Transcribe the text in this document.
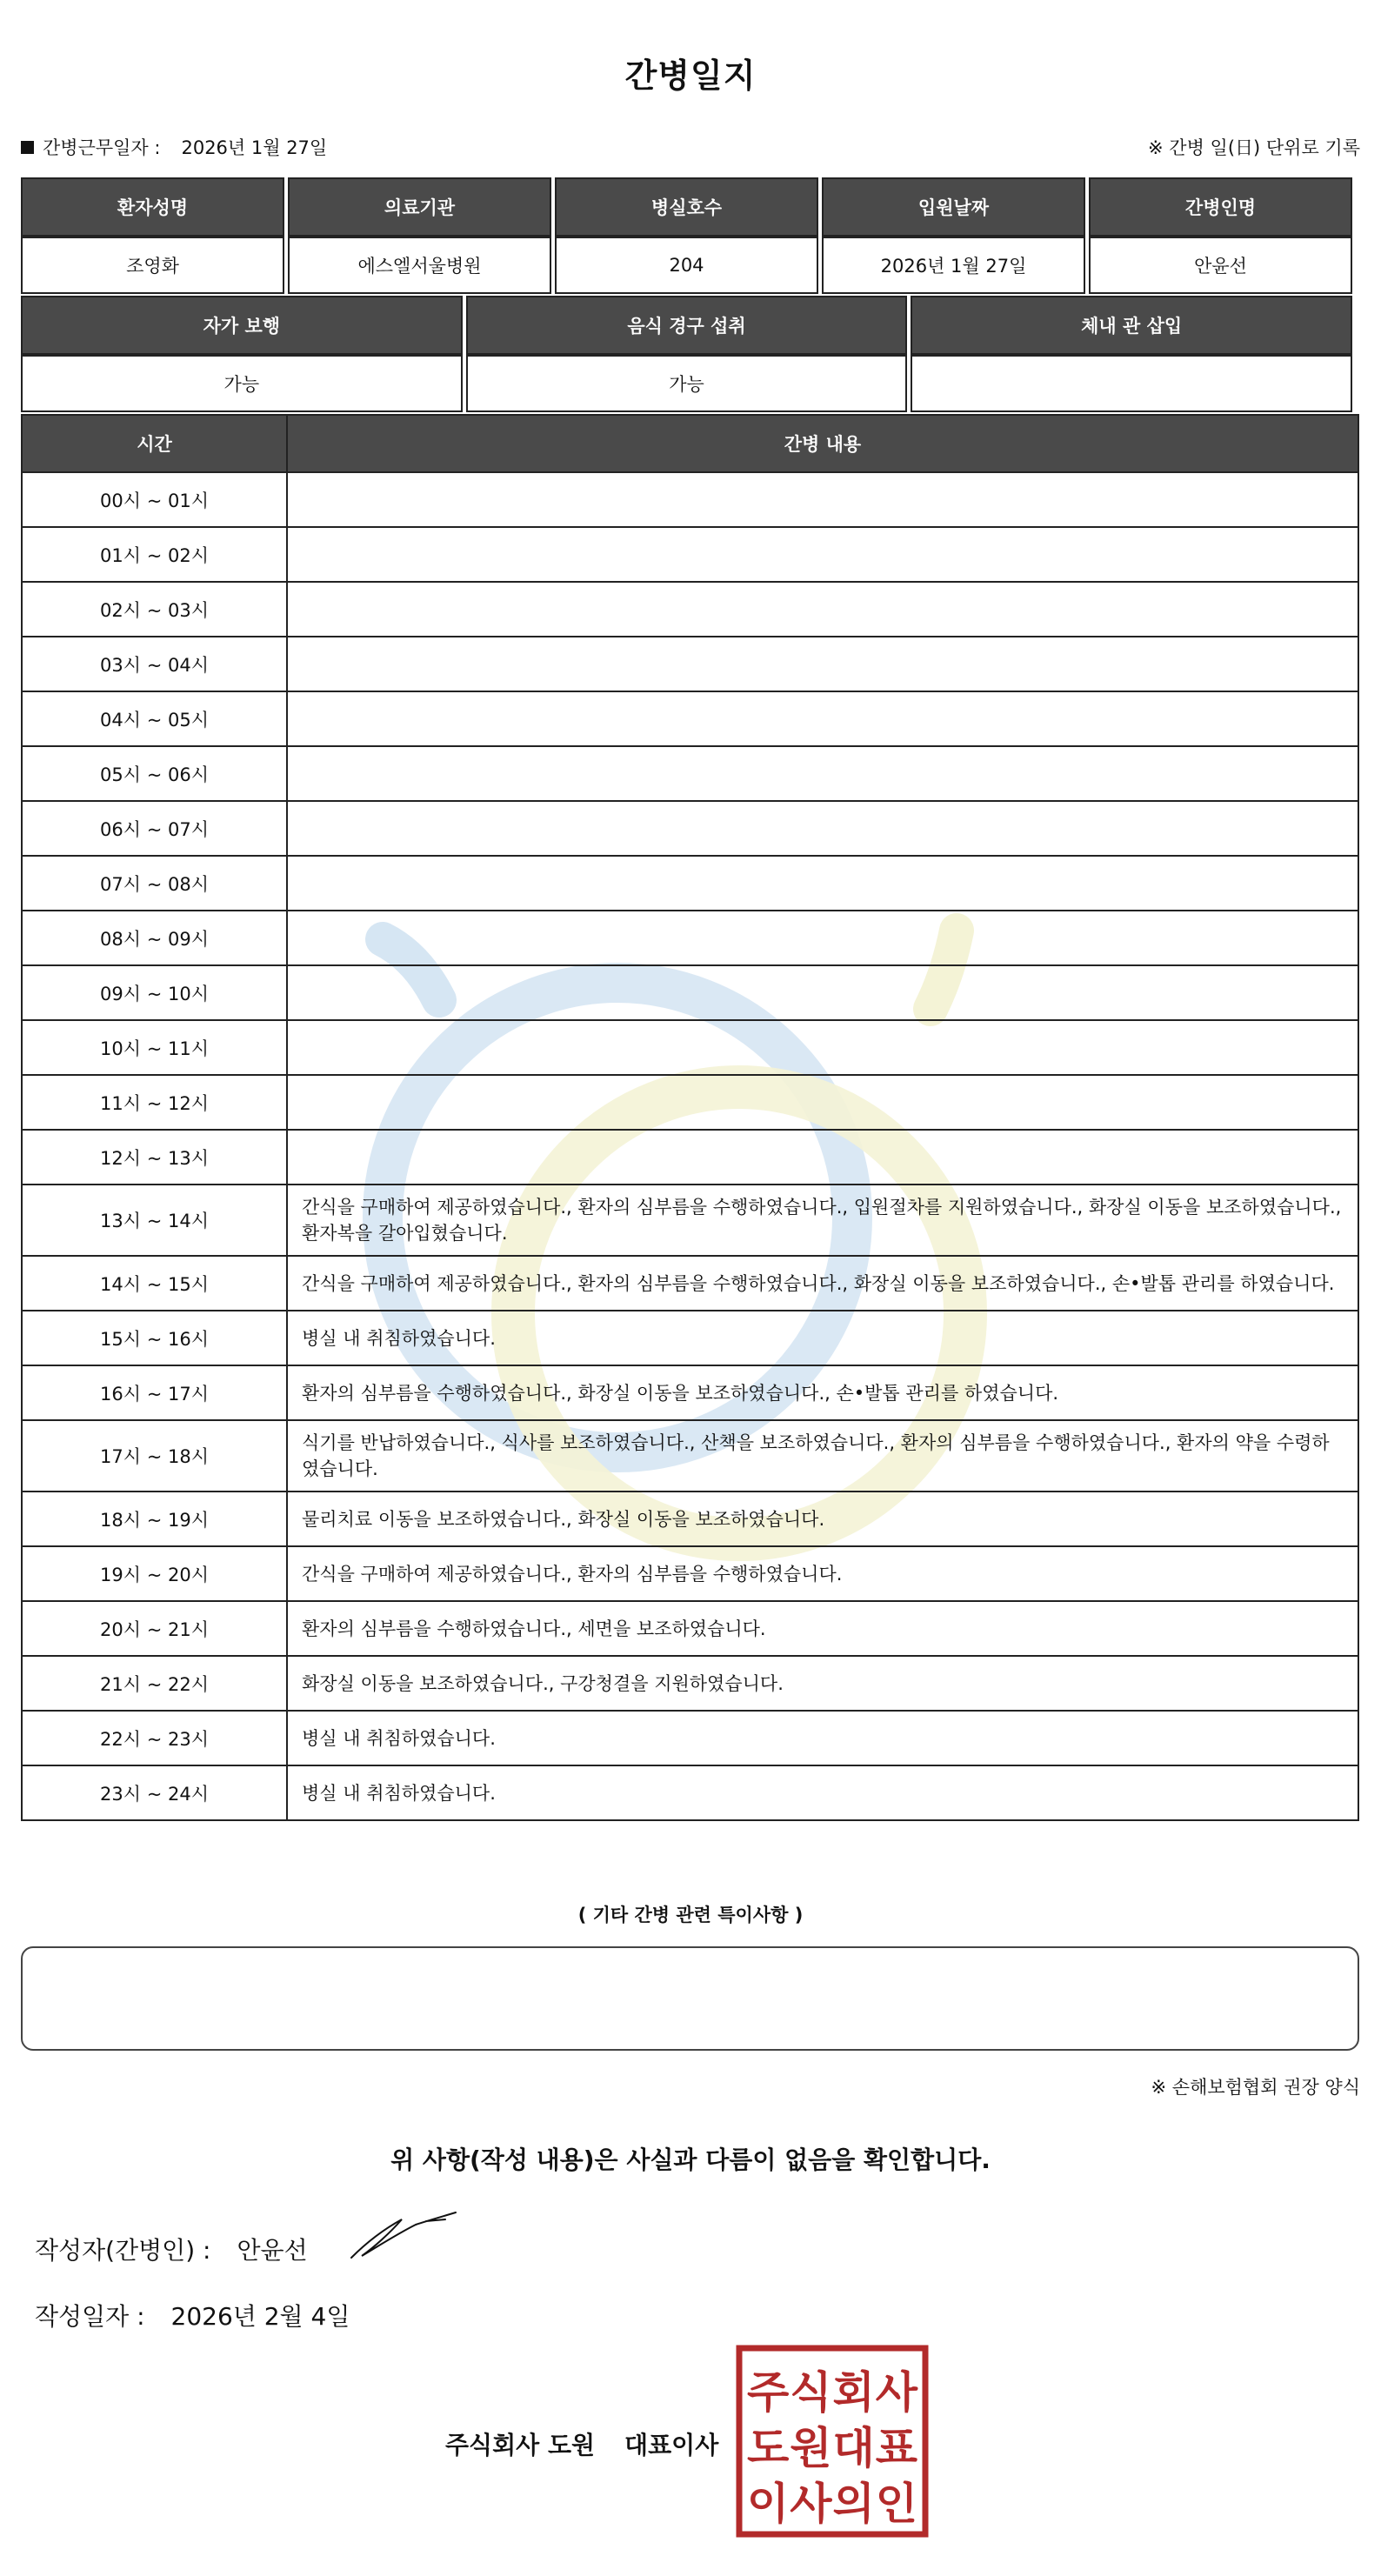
간병일지
간병근무일자 : 2026년 1월 27일	※ 간병 일(日) 단위로 기록
환자성명	의료기관	병실호수	입원날짜	간병인명
조영화	에스엘서울병원	204	2026년 1월 27일	안윤선
자가 보행	음식 경구 섭취	체내 관 삽입
가능	가능	
시간	간병 내용
00시 ~ 01시	
01시 ~ 02시	
02시 ~ 03시	
03시 ~ 04시	
04시 ~ 05시	
05시 ~ 06시	
06시 ~ 07시	
07시 ~ 08시	
08시 ~ 09시	
09시 ~ 10시	
10시 ~ 11시	
11시 ~ 12시	
12시 ~ 13시	
13시 ~ 14시	간식을 구매하여 제공하였습니다., 환자의 심부름을 수행하였습니다., 입원절차를 지원하였습니다., 화장실 이동을 보조하였습니다., 환자복을 갈아입혔습니다.
14시 ~ 15시	간식을 구매하여 제공하였습니다., 환자의 심부름을 수행하였습니다., 화장실 이동을 보조하였습니다., 손•발톱 관리를 하였습니다.
15시 ~ 16시	병실 내 취침하였습니다.
16시 ~ 17시	환자의 심부름을 수행하였습니다., 화장실 이동을 보조하였습니다., 손•발톱 관리를 하였습니다.
17시 ~ 18시	식기를 반납하였습니다., 식사를 보조하였습니다., 산책을 보조하였습니다., 환자의 심부름을 수행하였습니다., 환자의 약을 수령하였습니다.
18시 ~ 19시	물리치료 이동을 보조하였습니다., 화장실 이동을 보조하였습니다.
19시 ~ 20시	간식을 구매하여 제공하였습니다., 환자의 심부름을 수행하였습니다.
20시 ~ 21시	환자의 심부름을 수행하였습니다., 세면을 보조하였습니다.
21시 ~ 22시	화장실 이동을 보조하였습니다., 구강청결을 지원하였습니다.
22시 ~ 23시	병실 내 취침하였습니다.
23시 ~ 24시	병실 내 취침하였습니다.
( 기타 간병 관련 특이사항 )
※ 손해보험협회 권장 양식
위 사항(작성 내용)은 사실과 다름이 없음을 확인합니다.
작성자(간병인) : 안윤선
작성일자 : 2026년 2월 4일
주식회사 도원 대표이사
주식회사
도원대표
이사의인
